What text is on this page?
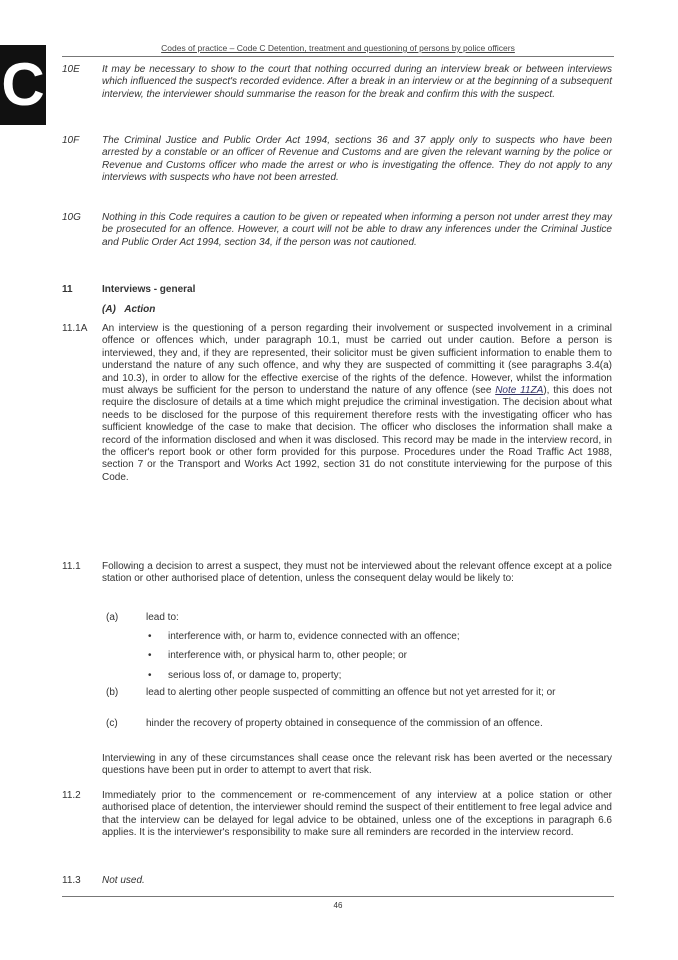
C
Codes of practice – Code C Detention, treatment and questioning of persons by police officers
10E	It may be necessary to show to the court that nothing occurred during an interview break or between interviews which influenced the suspect's recorded evidence. After a break in an interview or at the beginning of a subsequent interview, the interviewer should summarise the reason for the break and confirm this with the suspect.
10F	The Criminal Justice and Public Order Act 1994, sections 36 and 37 apply only to suspects who have been arrested by a constable or an officer of Revenue and Customs and are given the relevant warning by the police or Revenue and Customs officer who made the arrest or who is investigating the offence. They do not apply to any interviews with suspects who have not been arrested.
10G	Nothing in this Code requires a caution to be given or repeated when informing a person not under arrest they may be prosecuted for an offence. However, a court will not be able to draw any inferences under the Criminal Justice and Public Order Act 1994, section 34, if the person was not cautioned.
11	Interviews - general
(A) Action
11.1A	An interview is the questioning of a person regarding their involvement or suspected involvement in a criminal offence or offences which, under paragraph 10.1, must be carried out under caution. Before a person is interviewed, they and, if they are represented, their solicitor must be given sufficient information to enable them to understand the nature of any such offence, and why they are suspected of committing it (see paragraphs 3.4(a) and 10.3), in order to allow for the effective exercise of the rights of the defence. However, whilst the information must always be sufficient for the person to understand the nature of any offence (see Note 11ZA), this does not require the disclosure of details at a time which might prejudice the criminal investigation. The decision about what needs to be disclosed for the purpose of this requirement therefore rests with the investigating officer who has sufficient knowledge of the case to make that decision. The officer who discloses the information shall make a record of the information disclosed and when it was disclosed. This record may be made in the interview record, in the officer's report book or other form provided for this purpose. Procedures under the Road Traffic Act 1988, section 7 or the Transport and Works Act 1992, section 31 do not constitute interviewing for the purpose of this Code.
11.1	Following a decision to arrest a suspect, they must not be interviewed about the relevant offence except at a police station or other authorised place of detention, unless the consequent delay would be likely to:
(a)	lead to:
• interference with, or harm to, evidence connected with an offence;
• interference with, or physical harm to, other people; or
• serious loss of, or damage to, property;
(b)	lead to alerting other people suspected of committing an offence but not yet arrested for it; or
(c)	hinder the recovery of property obtained in consequence of the commission of an offence.
Interviewing in any of these circumstances shall cease once the relevant risk has been averted or the necessary questions have been put in order to attempt to avert that risk.
11.2	Immediately prior to the commencement or re-commencement of any interview at a police station or other authorised place of detention, the interviewer should remind the suspect of their entitlement to free legal advice and that the interview can be delayed for legal advice to be obtained, unless one of the exceptions in paragraph 6.6 applies. It is the interviewer's responsibility to make sure all reminders are recorded in the interview record.
11.3	Not used.
46
